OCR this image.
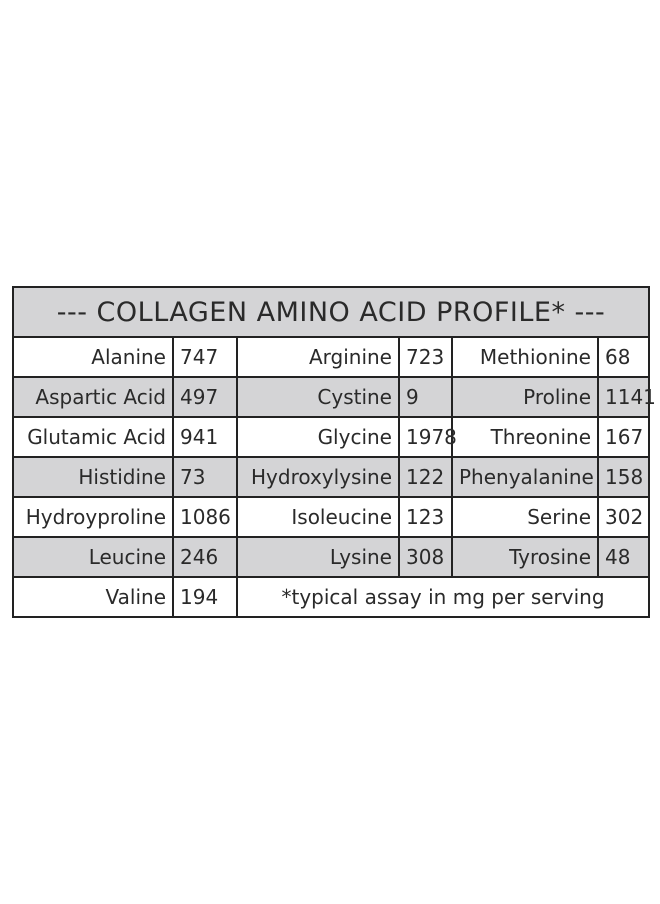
--- COLLAGEN AMINO ACID PROFILE* ---					
Alanine	747	Arginine	723	Methionine	68
Aspartic Acid	497	Cystine	9	Proline	1141
Glutamic Acid	941	Glycine	1978	Threonine	167
Histidine	73	Hydroxylysine	122	Phenyalanine	158
Hydroyproline	1086	Isoleucine	123	Serine	302
Leucine	246	Lysine	308	Tyrosine	48
Valine	194	*typical assay in mg per serving			
